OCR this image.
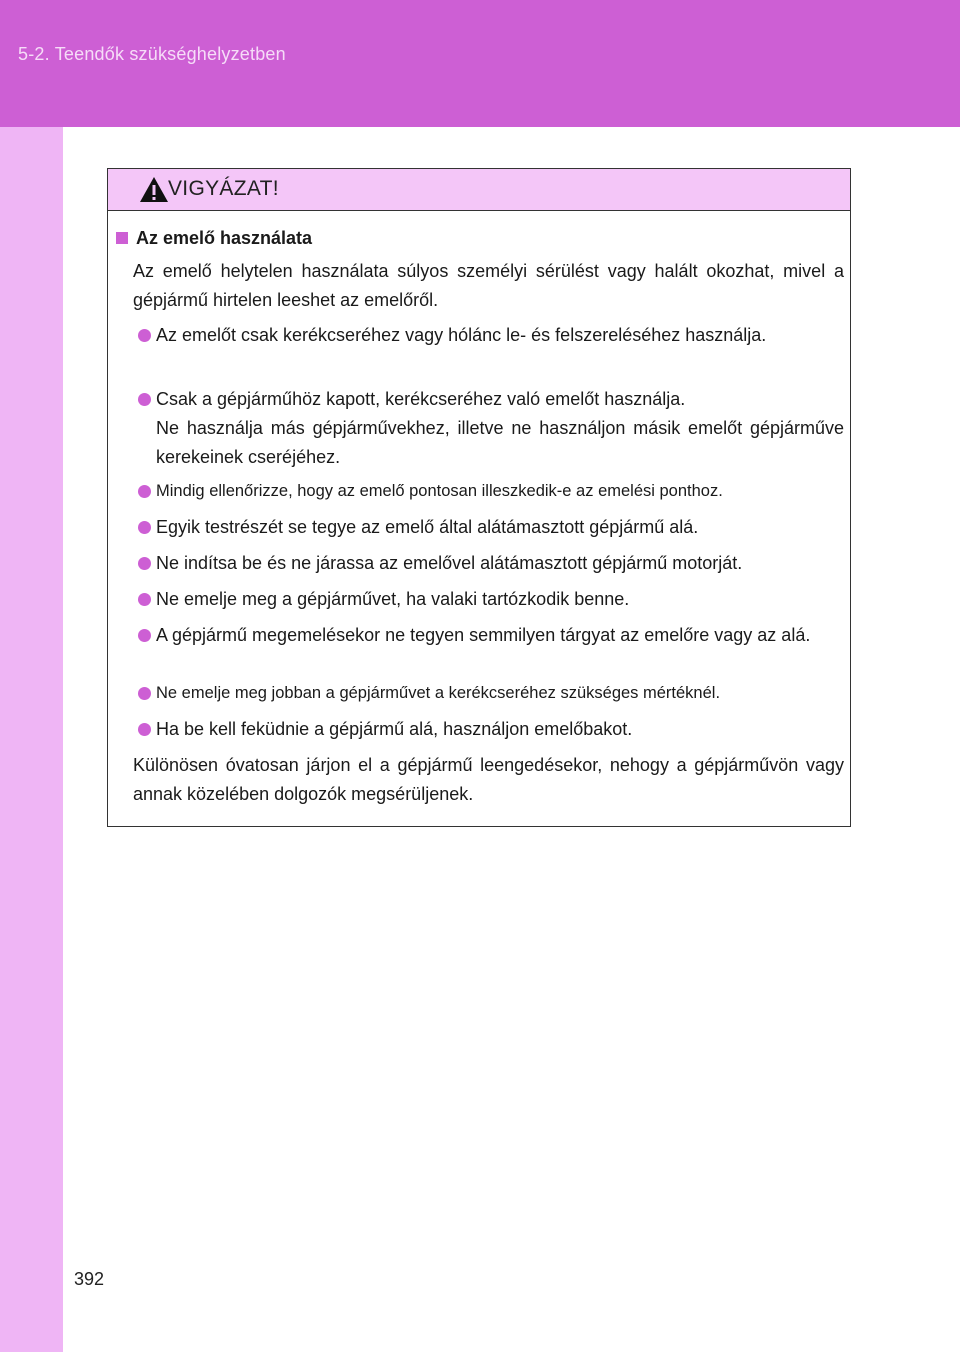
5-2. Teendők szükséghelyzetben
VIGYÁZAT!
Az emelő használata
Az emelő helytelen használata súlyos személyi sérülést vagy halált okozhat, mivel a gépjármű hirtelen leeshet az emelőről.
Az emelőt csak kerékcseréhez vagy hólánc le- és felszereléséhez használja.
Csak a gépjárműhöz kapott, kerékcseréhez való emelőt használja.
Ne használja más gépjárművekhez, illetve ne használjon másik emelőt gépjárműve kerekeinek cseréjéhez.
Mindig ellenőrizze, hogy az emelő pontosan illeszkedik-e az emelési ponthoz.
Egyik testrészét se tegye az emelő által alátámasztott gépjármű alá.
Ne indítsa be és ne járassa az emelővel alátámasztott gépjármű motorját.
Ne emelje meg a gépjárművet, ha valaki tartózkodik benne.
A gépjármű megemelésekor ne tegyen semmilyen tárgyat az emelőre vagy az alá.
Ne emelje meg jobban a gépjárművet a kerékcseréhez szükséges mértéknél.
Ha be kell feküdnie a gépjármű alá, használjon emelőbakot.
Különösen óvatosan járjon el a gépjármű leengedésekor, nehogy a gépjárművön vagy annak közelében dolgozók megsérüljenek.
392
